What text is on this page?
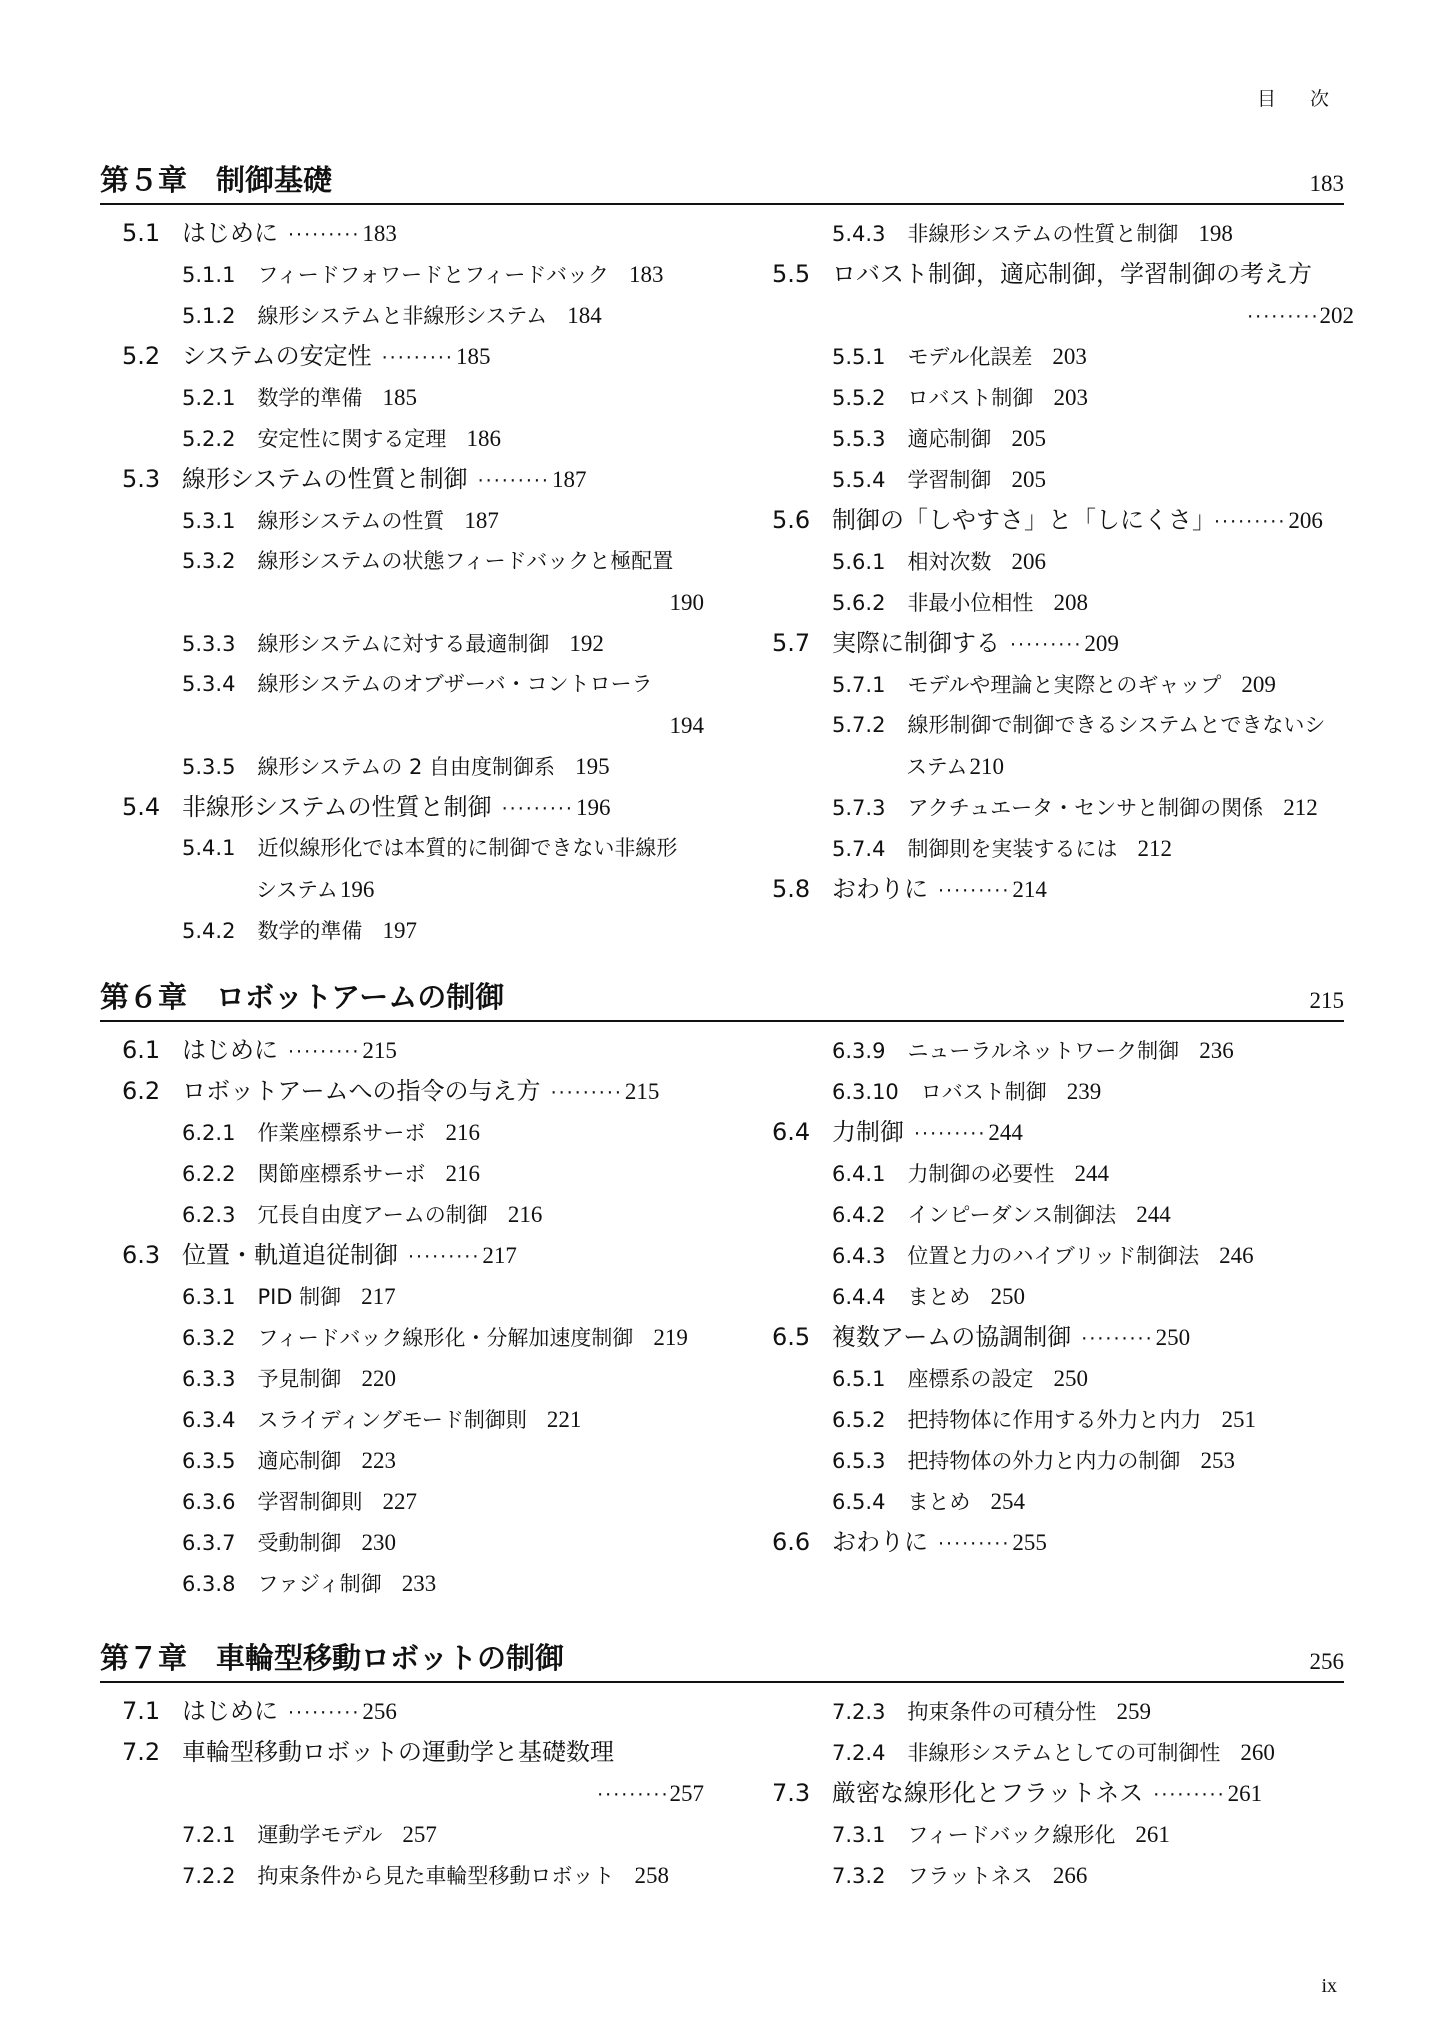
目 次
第５章　制御基礎	183
5.1 はじめに ·········183
5.1.1 フィードフォワードとフィードバック 183
5.1.2 線形システムと非線形システム 184
5.2 システムの安定性 ·········185
5.2.1 数学的準備 185
5.2.2 安定性に関する定理 186
5.3 線形システムの性質と制御 ·········187
5.3.1 線形システムの性質 187
5.3.2 線形システムの状態フィードバックと極配置
190
5.3.3 線形システムに対する最適制御 192
5.3.4 線形システムのオブザーバ・コントローラ
194
5.3.5 線形システムの 2 自由度制御系 195
5.4 非線形システムの性質と制御 ·········196
5.4.1 近似線形化では本質的に制御できない非線形
システム196
5.4.2 数学的準備 197
5.4.3 非線形システムの性質と制御 198
5.5 ロバスト制御，適応制御，学習制御の考え方
·········202
5.5.1 モデル化誤差 203
5.5.2 ロバスト制御 203
5.5.3 適応制御 205
5.5.4 学習制御 205
5.6 制御の「しやすさ」と「しにくさ」 ·········206
5.6.1 相対次数 206
5.6.2 非最小位相性 208
5.7 実際に制御する ·········209
5.7.1 モデルや理論と実際とのギャップ 209
5.7.2 線形制御で制御できるシステムとできないシ
ステム210
5.7.3 アクチュエータ・センサと制御の関係 212
5.7.4 制御則を実装するには 212
5.8 おわりに ·········214
第６章　ロボットアームの制御	215
6.1 はじめに ·········215
6.2 ロボットアームへの指令の与え方 ·········215
6.2.1 作業座標系サーボ 216
6.2.2 関節座標系サーボ 216
6.2.3 冗長自由度アームの制御 216
6.3 位置・軌道追従制御 ·········217
6.3.1 PID 制御 217
6.3.2 フィードバック線形化・分解加速度制御 219
6.3.3 予見制御 220
6.3.4 スライディングモード制御則 221
6.3.5 適応制御 223
6.3.6 学習制御則 227
6.3.7 受動制御 230
6.3.8 ファジィ制御 233
6.3.9 ニューラルネットワーク制御 236
6.3.10 ロバスト制御 239
6.4 力制御 ·········244
6.4.1 力制御の必要性 244
6.4.2 インピーダンス制御法 244
6.4.3 位置と力のハイブリッド制御法 246
6.4.4 まとめ 250
6.5 複数アームの協調制御 ·········250
6.5.1 座標系の設定 250
6.5.2 把持物体に作用する外力と内力 251
6.5.3 把持物体の外力と内力の制御 253
6.5.4 まとめ 254
6.6 おわりに ·········255
第７章　車輪型移動ロボットの制御	256
7.1 はじめに ·········256
7.2 車輪型移動ロボットの運動学と基礎数理
·········257
7.2.1 運動学モデル 257
7.2.2 拘束条件から見た車輪型移動ロボット 258
7.2.3 拘束条件の可積分性 259
7.2.4 非線形システムとしての可制御性 260
7.3 厳密な線形化とフラットネス ·········261
7.3.1 フィードバック線形化 261
7.3.2 フラットネス 266
ix
